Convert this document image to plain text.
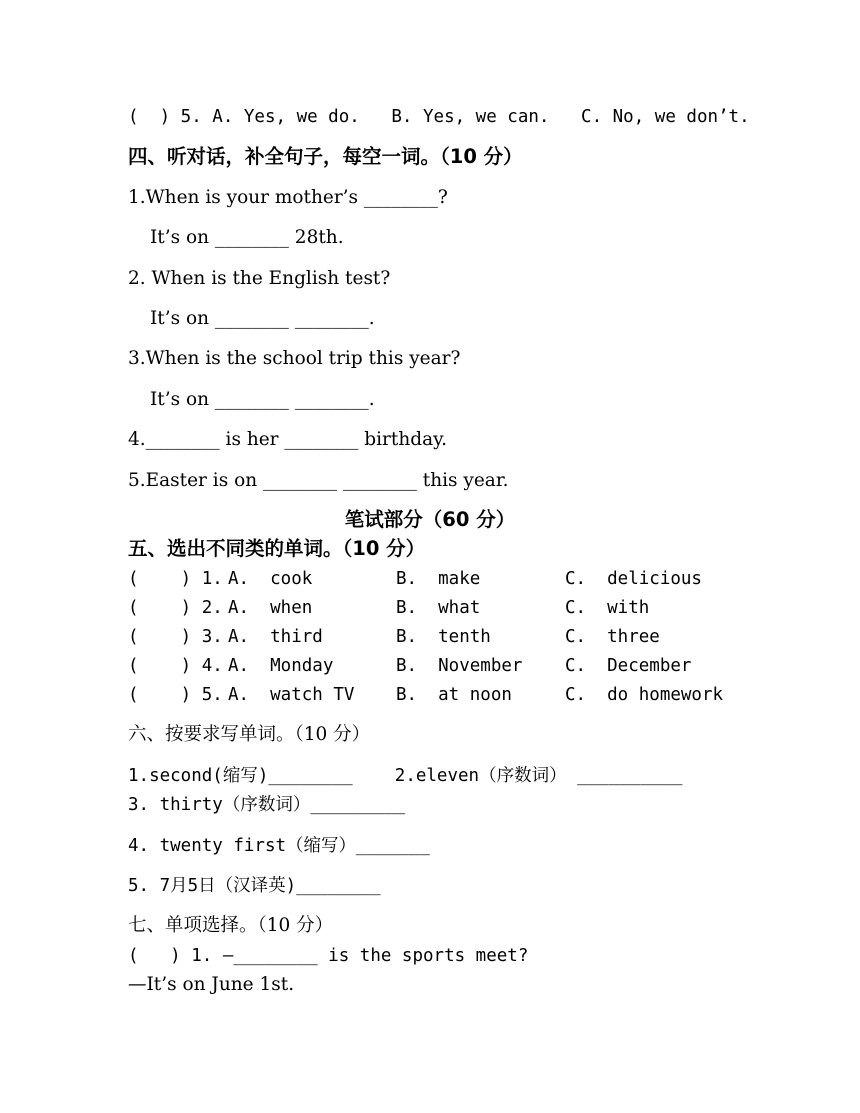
(  ) 5. A. Yes, we do.   B. Yes, we can.   C. No, we don’t.
四、听对话，补全句子，每空一词。（10 分）
1.When is your mother’s ________?
It’s on ________ 28th.
2. When is the English test?
It’s on ________ ________.
3.When is the school trip this year?
It’s on ________ ________.
4.________ is her ________ birthday.
5.Easter is on ________ ________ this year.
笔试部分（60 分）
五、选出不同类的单词。（10 分）
(    ) 1. A.  cook	B.  make	C.  delicious
(    ) 2. A.  when	B.  what	C.  with
(    ) 3. A.  third	B.  tenth	C.  three
(    ) 4. A.  Monday	B.  November C.  December
(    ) 5. A.  watch TV B.  at noon	C.  do homework
六、按要求写单词。（10 分）
1.second(缩写)________    2.eleven（序数词） __________
3. thirty（序数词）_________
4. twenty first（缩写）_______
5. 7月5日（汉译英)________
七、单项选择。（10 分）
(   ) 1. —________ is the sports meet?
—It’s on June 1st.
